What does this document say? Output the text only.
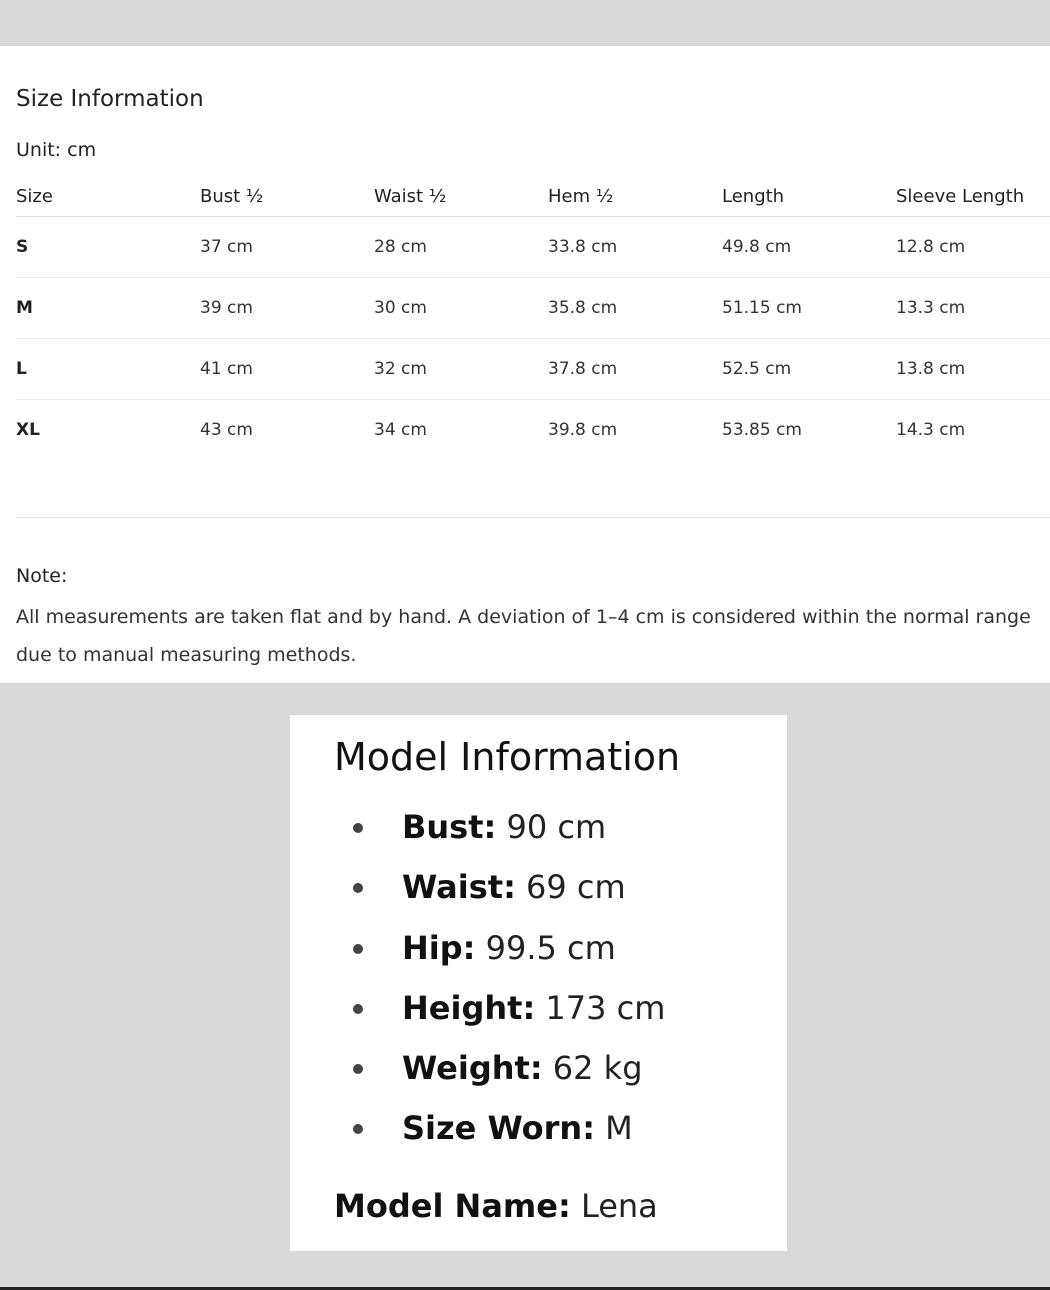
Size Information
Unit: cm
Size	Bust ½	Waist ½	Hem ½	Length	Sleeve Length
S	37 cm	28 cm	33.8 cm	49.8 cm	12.8 cm
M	39 cm	30 cm	35.8 cm	51.15 cm	13.3 cm
L	41 cm	32 cm	37.8 cm	52.5 cm	13.8 cm
XL	43 cm	34 cm	39.8 cm	53.85 cm	14.3 cm
Note:
All measurements are taken flat and by hand. A deviation of 1–4 cm is considered within the normal range due to manual measuring methods.
Model Information
Bust: 90 cm
Waist: 69 cm
Hip: 99.5 cm
Height: 173 cm
Weight: 62 kg
Size Worn: M
Model Name: Lena
